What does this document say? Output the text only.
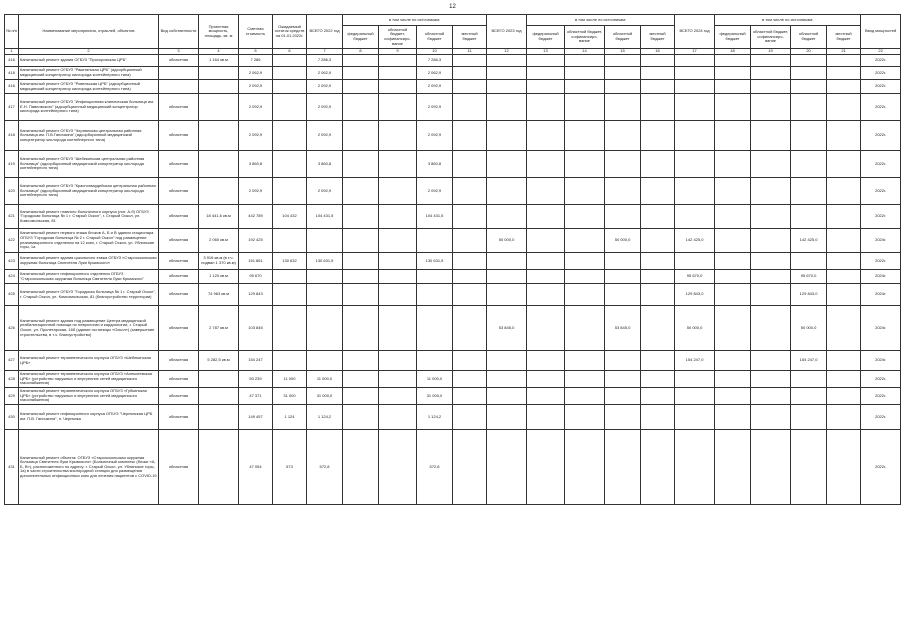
12
№ п/п	Наименование мероприятия, отраслей, объектов	Вид собственности	Проектная мощность, площадь, кв. м	Сметная стоимость	Ожидаемый остаток средств на 01.01.2022г.	ВСЕГО 2022 год	в том числе по источникам:				ВСЕГО 2023 год	в том числе по источникам:				ВСЕГО 2024 год	в том числе по источникам:				Ввод мощностей
							федеральный бюджет	областной бюджет, софинансиро-вание	областной бюджет	местный бюджет		федеральный бюджет	областной бюджет, софинансиро-вание	областной бюджет	местный бюджет		федеральный бюджет	областной бюджет, софинансиро-вание	областной бюджет	местный бюджет	
1	2	3	4	5	6	7	8	9	10	11	12	13	14	15	16	17	18	19	20	21	22
416	Капитальный ремонт здания ОГБУЗ "Прохоровская ЦРБ"	областная	1 164 кв.м	7 286		7 286,3			7 286,3												2022г.
418	Капитальный ремонт ОГБУЗ "Ракитянская ЦРБ" (адсорбционный медицинский концентратор кислорода контейнерного типа)			2 062,9		2 062,9			2 062,9												2022г.
416	Капитальный ремонт ОГБУЗ "Ровеньская ЦРБ" (адсорбционный медицинский концентратор кислорода контейнерного типа)			2 092,9		2 092,9			2 092,9												2022г.
417	Капитальный ремонт ОГБУЗ "Инфекционная клиническая больница им. Е.Н. Павловского" (адсорбционный медицинский концентратор кислорода контейнерного типа)	областная		2 092,9		2 092,9			2 092,9												2022г.
418	Капитальный ремонт ОГБУЗ "Чернянская центральная районная больница им. П.В.Гапочкина" (адсорбционный медицинский концентратор кислорода контейнерного типа)	областная		2 092,9		2 092,9			2 092,9												2022г.
419	Капитальный ремонт ОГБУЗ "Шебекинская центральная районная больница" (адсорбционный медицинский концентратор кислорода контейнерного типа)	областная		3 860,8		3 860,8			3 860,8												2022г.
420	Капитальный ремонт ОГБУЗ "Красногвардейская центральная районная больница" (адсорбционный медицинский концентратор кислорода контейнерного типа)	областная		2 092,9		2 092,9			2 092,9												2022г.
421	Капитальный ремонт главного больничного корпуса (лит. А-б) ОГБУЗ "Городская больница № 1 г. Старый Оскол", г. Старый Оскол, ул. Комсомольская, 81	областная	18 441,6 кв.м	442 789	104 432	104 431,5			104 431,5												2022г.
422	Капитальный ремонт первого этажа блоков А, Б и В здания стационара ОГБУЗ "Городская больница № 2 г. Старый Оскол" под размещение реанимационного отделения на 12 коек, г. Старый Оскол, ул. Ублинские горы, 1а	областная	2 060 кв.м	192 425							50 000,0			50 000,0		142 425,0			142 425,0		2024г.
423	Капитальный ремонт здания цокольного этажа ОГБУЗ «Старооскольская окружная больница Святителя Луки Крымского»	областная	3 916 кв.м (в т.ч. подвал 1 370 кв.м)	151 861	130 632	130 631,5			130 631,5												2022г.
424	Капитальный ремонт инфекционного отделения ОГБУЗ "Старооскольская окружная больница Святителя Луки Крымского"	областная	1 120 кв.м	95 670												95 670,0			95 670,0		2024г.
425	Капитальный ремонт ОГБУЗ "Городская больница № 1 г. Старый Оскол", г. Старый Оскол, ул. Комсомольская, 81 (благоустройство территории)	областная	74 963 кв.м	129 843												129 843,0			129 843,0		2024г.
426	Капитальный ремонт здания под размещение Центра медицинской реабилитационной помощи по неврологии и кардиологии, г. Старый Оскол, ул. Пролетарская, 16б (здание гостиницы «Оскол») (завершение строительства, в т.ч. благоустройство)	областная	2 787 кв.м	103 845							53 845,0			53 845,0		50 000,0			50 000,0		2024г.
427	Капитальный ремонт терапевтического корпуса ОГБУЗ «Шебекинская ЦРБ»	областная	5 282,5 кв.м	154 247												154 247,0			154 247,0		2024г.
428	Капитальный ремонт терапевтического корпуса ОГБУЗ «Алексеевская ЦРБ» (устройство наружных и внутренних сетей медицинского газоснабжения)	областная		50 239	11 000	11 000,0			11 000,0												2022г.
429	Капитальный ремонт терапевтического корпуса ОГБУЗ «Губкинская ЦРБ» (устройство наружных и внутренних сетей медицинского газоснабжения)	областная		47 371	31 000	31 000,0			31 000,0												2022г.
430	Капитальный ремонт инфекционного корпуса ОГБУЗ "Чернянская ЦРБ им. П.В. Гапочкина", п. Чернянка	областная		149 457	1 124	1 124,2			1 124,2												2022г.
431	Капитальный ремонт объекта: ОГБУЗ «Старооскольская окружная больница Святителя Луки Крымского» (Больничный комплекс (блоки «А, Б, В»), расположенного по адресу: г. Старый Оскол, ул. Ублинские горы, 1а) в части строительства кислородной станции для размещения дополнительных инфекционных коек для лечения пациентов с COVID-19	областная		47 054	573	572,8			572,8												2022г.
